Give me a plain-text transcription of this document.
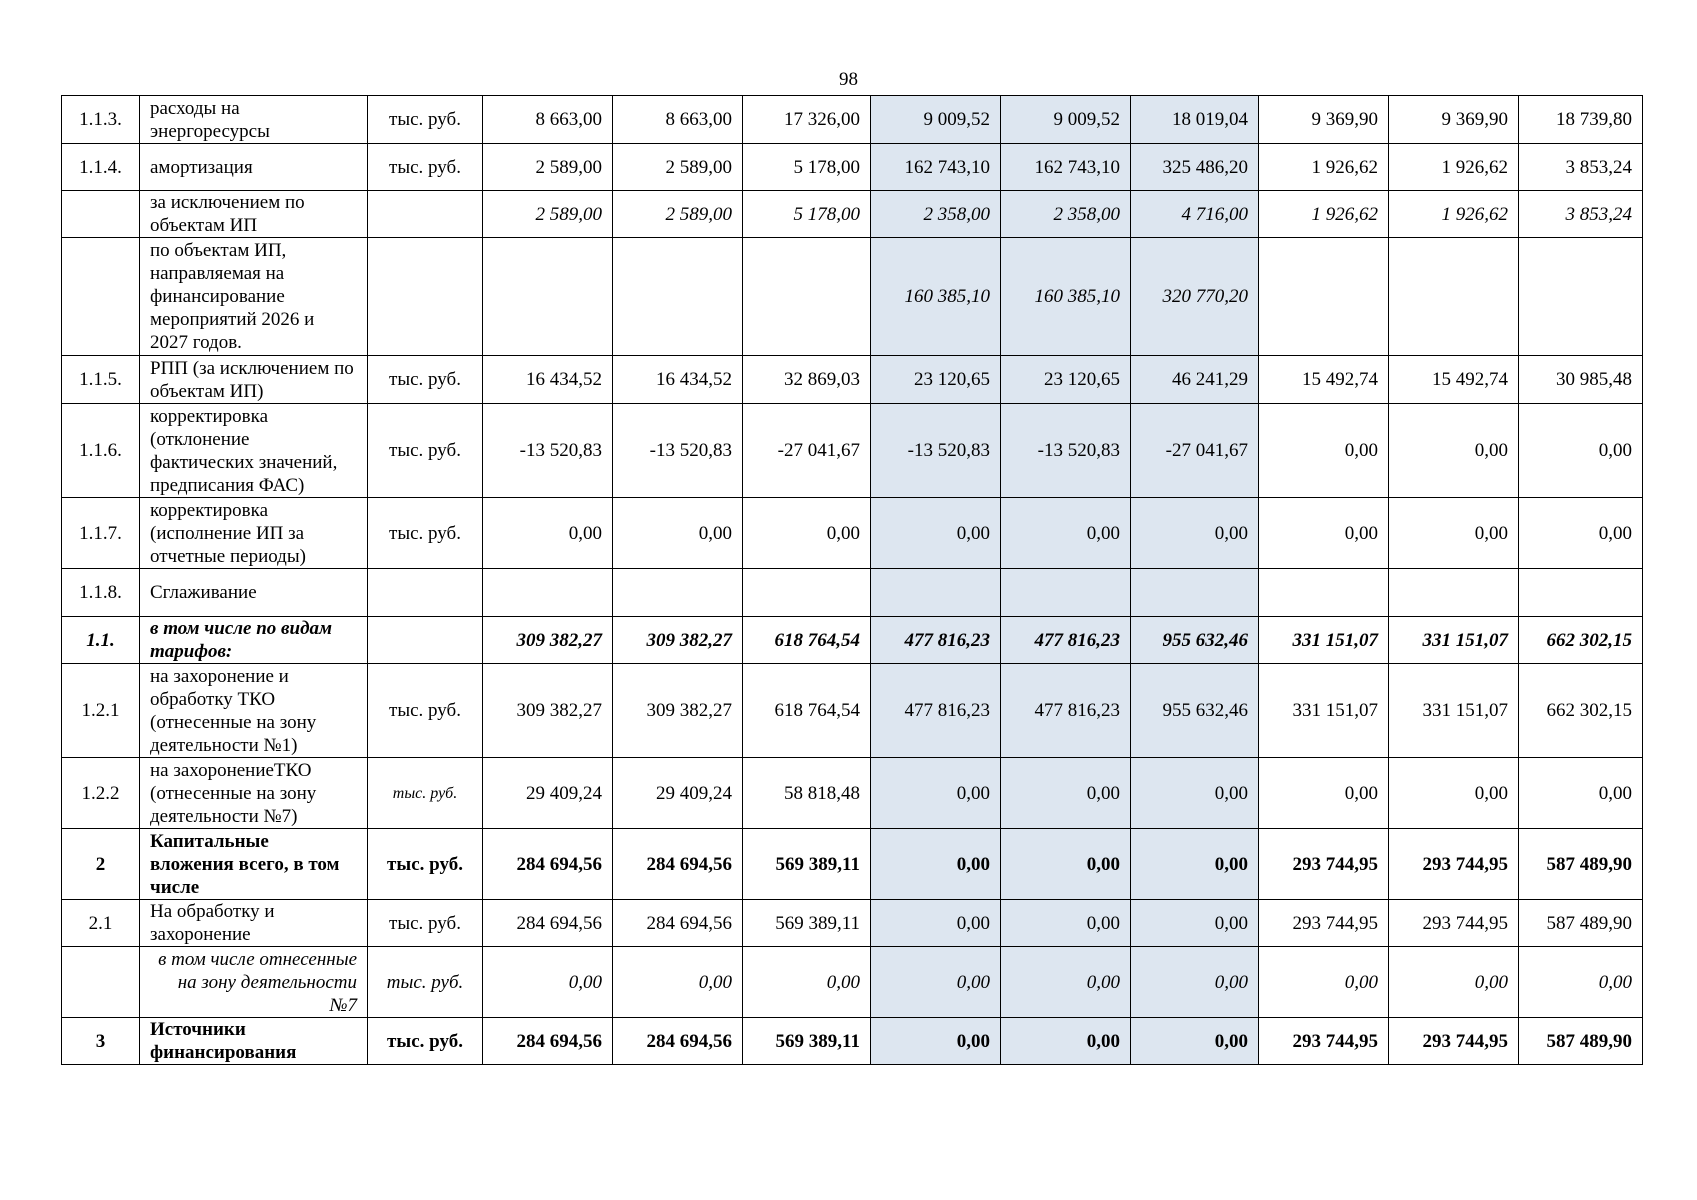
98
1.1.3.	расходы на энергоресурсы	тыс. руб.	8 663,00	8 663,00	17 326,00	9 009,52	9 009,52	18 019,04	9 369,90	9 369,90	18 739,80
1.1.4.	амортизация	тыс. руб.	2 589,00	2 589,00	5 178,00	162 743,10	162 743,10	325 486,20	1 926,62	1 926,62	3 853,24
	за исключением по объектам ИП		2 589,00	2 589,00	5 178,00	2 358,00	2 358,00	4 716,00	1 926,62	1 926,62	3 853,24
	по объектам ИП, направляемая на финансирование мероприятий 2026 и 2027 годов.					160 385,10	160 385,10	320 770,20			
1.1.5.	РПП (за исключением по объектам ИП)	тыс. руб.	16 434,52	16 434,52	32 869,03	23 120,65	23 120,65	46 241,29	15 492,74	15 492,74	30 985,48
1.1.6.	корректировка (отклонение фактических значений, предписания ФАС)	тыс. руб.	-13 520,83	-13 520,83	-27 041,67	-13 520,83	-13 520,83	-27 041,67	0,00	0,00	0,00
1.1.7.	корректировка (исполнение ИП за отчетные периоды)	тыс. руб.	0,00	0,00	0,00	0,00	0,00	0,00	0,00	0,00	0,00
1.1.8.	Сглаживание										
1.1.	в том числе по видам тарифов:		309 382,27	309 382,27	618 764,54	477 816,23	477 816,23	955 632,46	331 151,07	331 151,07	662 302,15
1.2.1	на захоронение и обработку ТКО (отнесенные на зону деятельности №1)	тыс. руб.	309 382,27	309 382,27	618 764,54	477 816,23	477 816,23	955 632,46	331 151,07	331 151,07	662 302,15
1.2.2	на захоронениеТКО (отнесенные на зону деятельности №7)	тыс. руб.	29 409,24	29 409,24	58 818,48	0,00	0,00	0,00	0,00	0,00	0,00
2	Капитальные вложения всего, в том числе	тыс. руб.	284 694,56	284 694,56	569 389,11	0,00	0,00	0,00	293 744,95	293 744,95	587 489,90
2.1	На обработку и захоронение	тыс. руб.	284 694,56	284 694,56	569 389,11	0,00	0,00	0,00	293 744,95	293 744,95	587 489,90
	в том числе отнесенные на зону деятельности №7	тыс. руб.	0,00	0,00	0,00	0,00	0,00	0,00	0,00	0,00	0,00
3	Источники финансирования	тыс. руб.	284 694,56	284 694,56	569 389,11	0,00	0,00	0,00	293 744,95	293 744,95	587 489,90
